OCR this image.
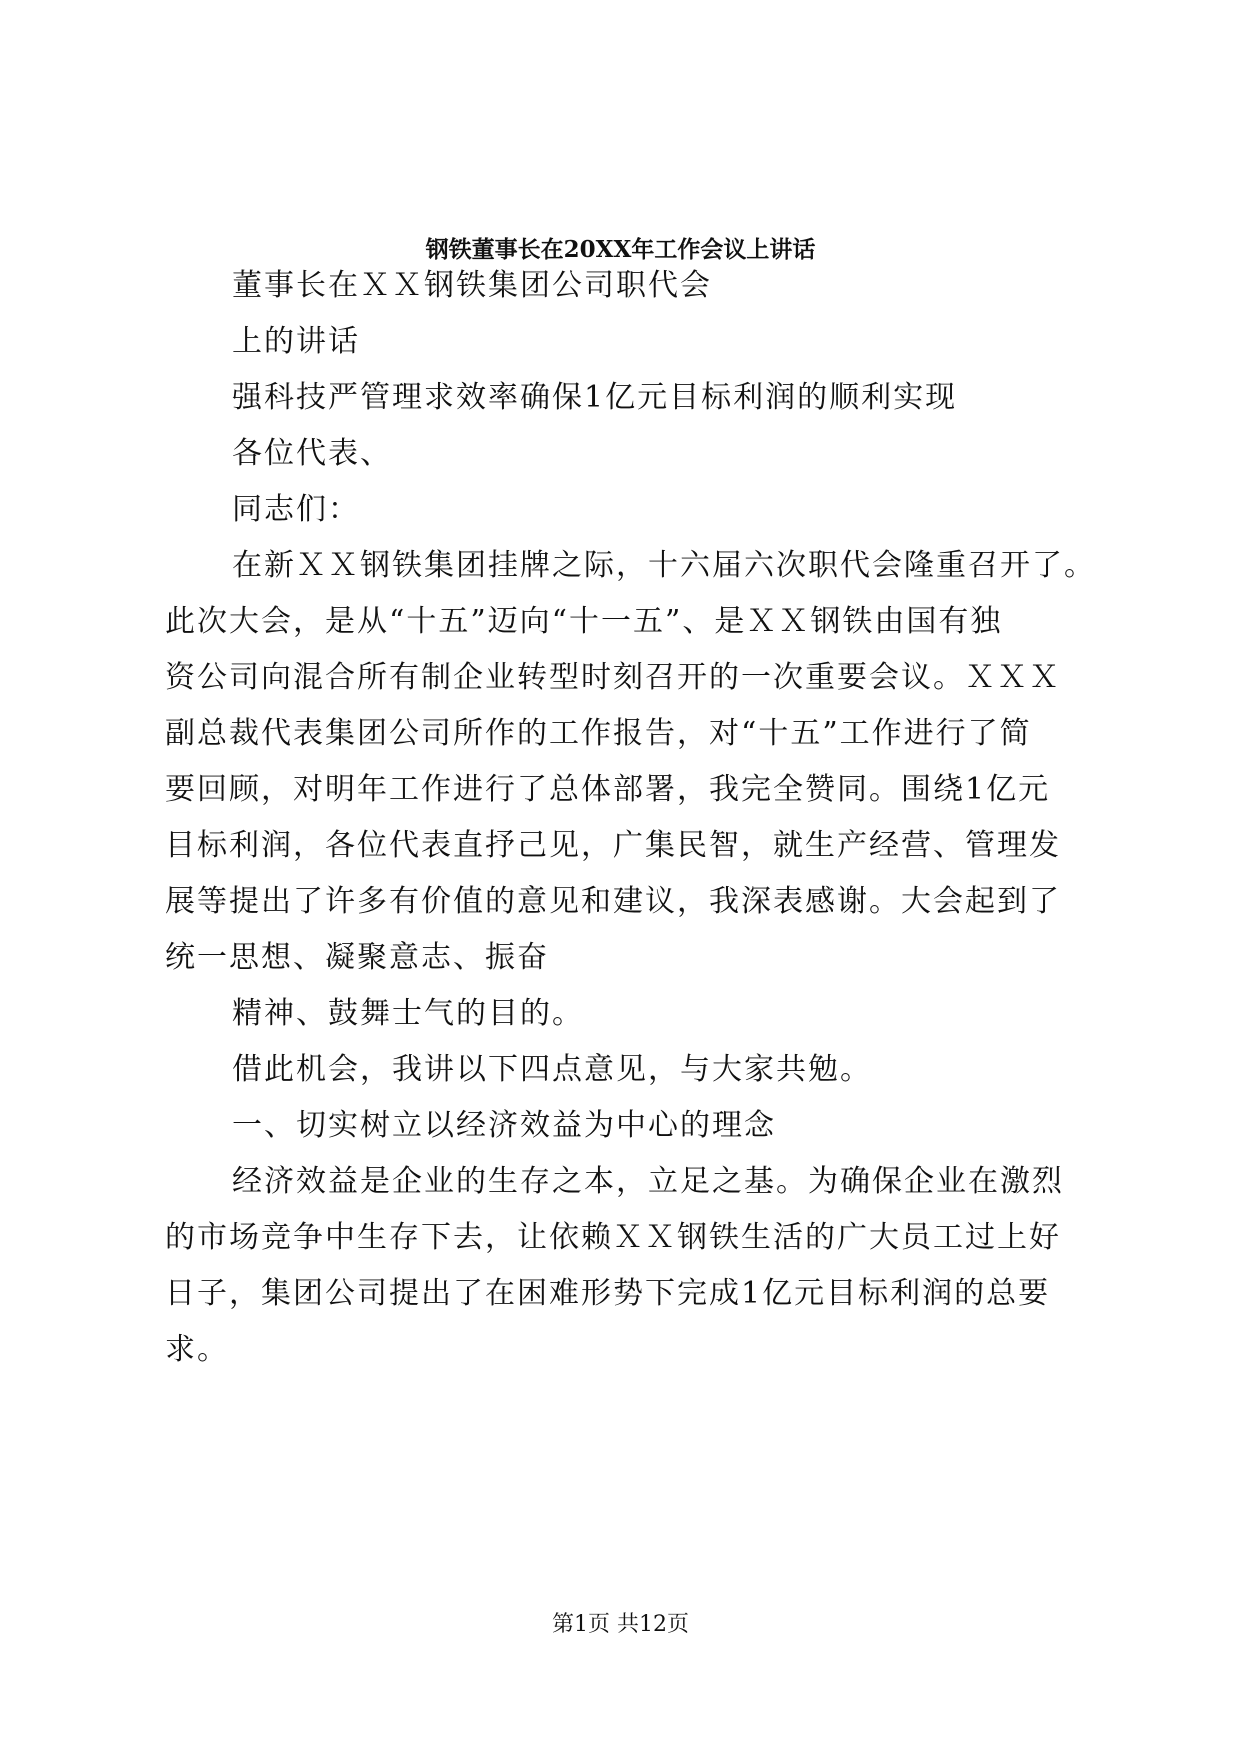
钢铁董事长在20XX年工作会议上讲话
董事长在ＸＸ钢铁集团公司职代会
上的讲话
强科技严管理求效率确保1亿元目标利润的顺利实现
各位代表、
同志们：
在新ＸＸ钢铁集团挂牌之际，十六届六次职代会隆重召开了。
此次大会，是从“十五”迈向“十一五”、是ＸＸ钢铁由国有独
资公司向混合所有制企业转型时刻召开的一次重要会议。ＸＸＸ
副总裁代表集团公司所作的工作报告，对“十五”工作进行了简
要回顾，对明年工作进行了总体部署，我完全赞同。围绕1亿元
目标利润，各位代表直抒己见，广集民智，就生产经营、管理发
展等提出了许多有价值的意见和建议，我深表感谢。大会起到了
统一思想、凝聚意志、振奋
精神、鼓舞士气的目的。
借此机会，我讲以下四点意见，与大家共勉。
一、切实树立以经济效益为中心的理念
经济效益是企业的生存之本，立足之基。为确保企业在激烈
的市场竞争中生存下去，让依赖ＸＸ钢铁生活的广大员工过上好
日子，集团公司提出了在困难形势下完成1亿元目标利润的总要
求。
第1页 共12页
